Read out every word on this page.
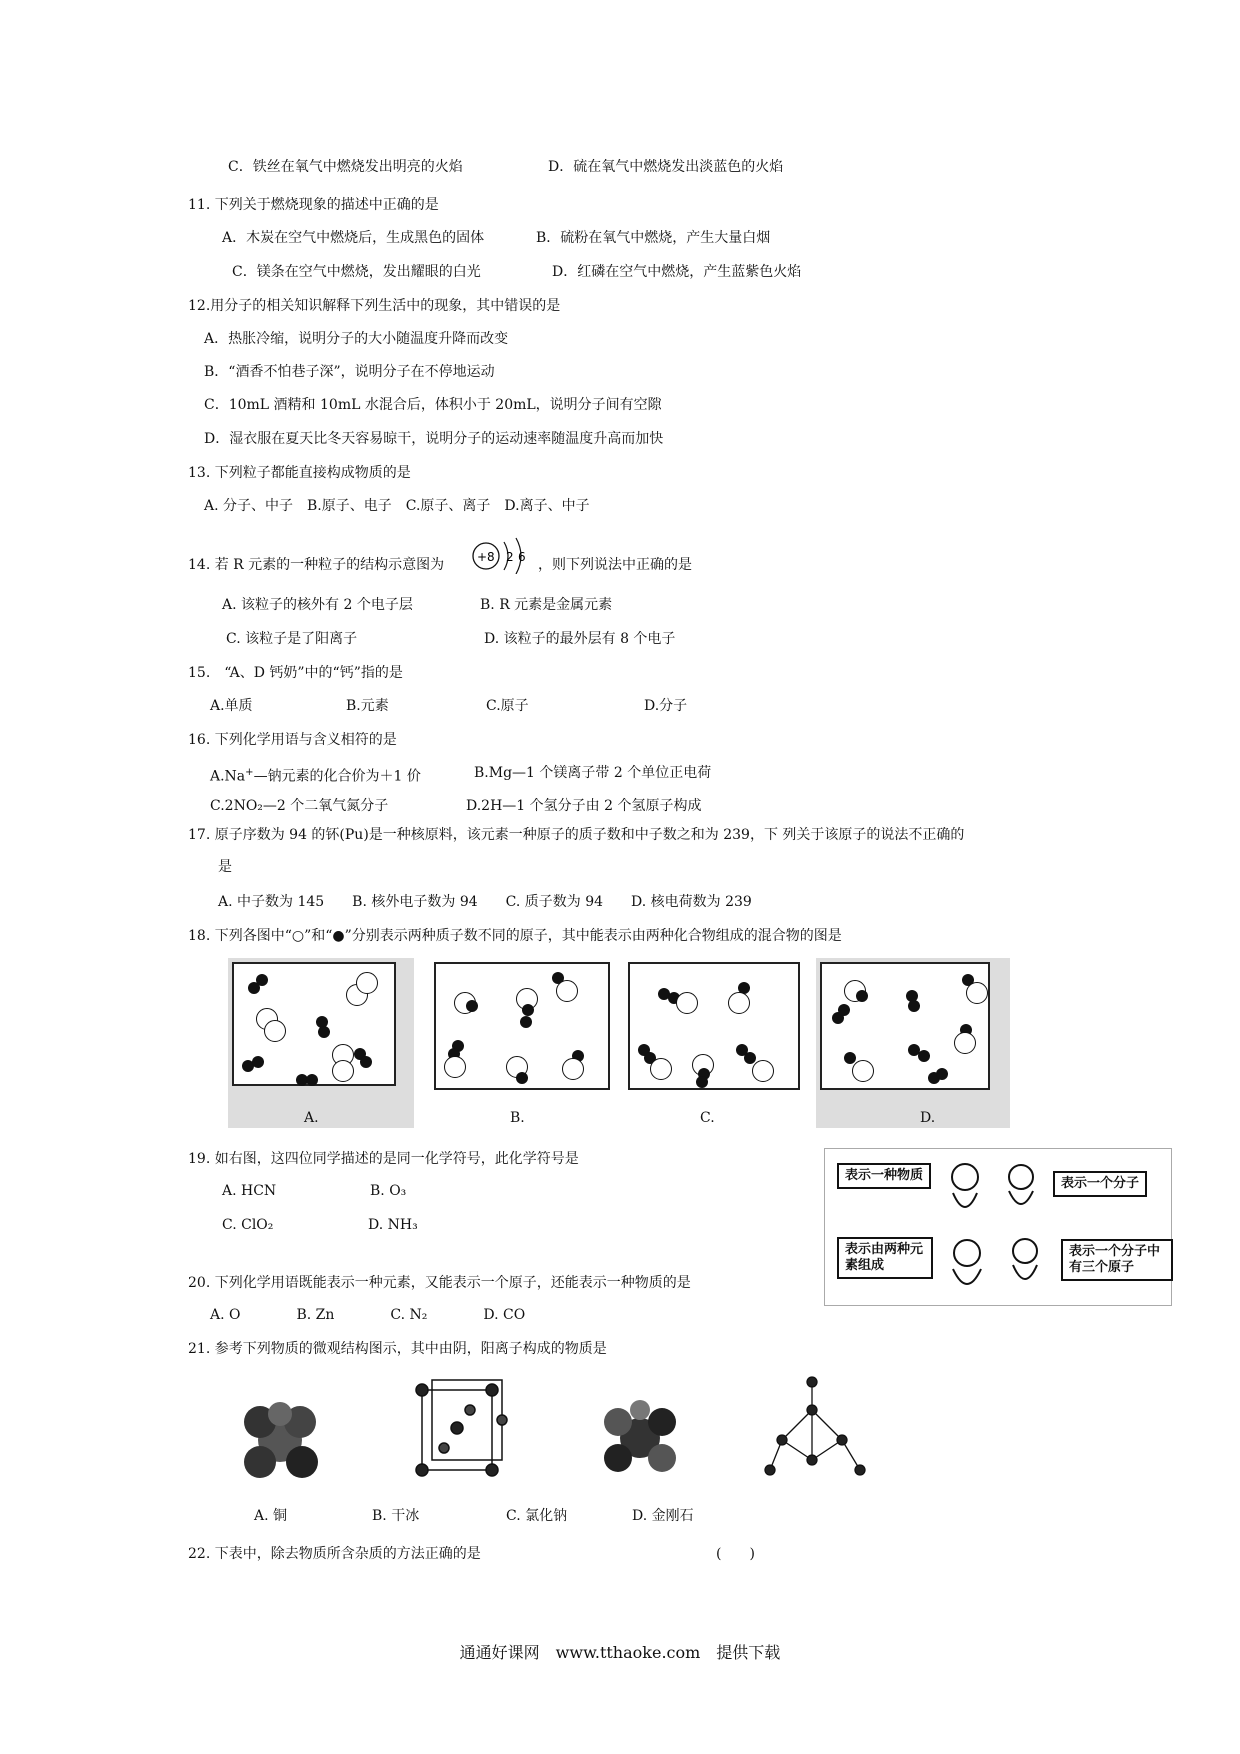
C．铁丝在氧气中燃烧发出明亮的火焰	D．硫在氧气中燃烧发出淡蓝色的火焰
11. 下列关于燃烧现象的描述中正确的是
A．木炭在空气中燃烧后，生成黑色的固体	B．硫粉在氧气中燃烧，产生大量白烟
C．镁条在空气中燃烧，发出耀眼的白光	D．红磷在空气中燃烧，产生蓝紫色火焰
12.用分子的相关知识解释下列生活中的现象，其中错误的是
A．热胀冷缩，说明分子的大小随温度升降而改变
B．“酒香不怕巷子深”，说明分子在不停地运动
C．10mL 酒精和 10mL 水混合后，体积小于 20mL，说明分子间有空隙
D．湿衣服在夏天比冬天容易晾干，说明分子的运动速率随温度升高而加快
13. 下列粒子都能直接构成物质的是
A. 分子、中子　B.原子、电子　C.原子、离子　D.离子、中子
14. 若 R 元素的一种粒子的结构示意图为	+8 2 6 ，则下列说法中正确的是
A. 该粒子的核外有 2 个电子层	B. R 元素是金属元素
C. 该粒子是了阳离子	D. 该粒子的最外层有 8 个电子
15.　“A、D 钙奶”中的“钙”指的是
A.单质	B.元素	C.原子	D.分子
16. 下列化学用语与含义相符的是
A.Na+—钠元素的化合价为＋1 价	B.Mg—1 个镁离子带 2 个单位正电荷
C.2NO₂—2 个二氧气氮分子	D.2H—1 个氢分子由 2 个氢原子构成
17. 原子序数为 94 的钚(Pu)是一种核原料，该元素一种原子的质子数和中子数之和为 239，下 列关于该原子的说法不正确的
是
A. 中子数为 145　　B. 核外电子数为 94　　C. 质子数为 94　　D. 核电荷数为 239
18. 下列各图中“○”和“●”分别表示两种质子数不同的原子，其中能表示由两种化合物组成的混合物的图是
A.	B.	C.	D.
19. 如右图，这四位同学描述的是同一化学符号，此化学符号是
A. HCN	B. O₃
C. ClO₂	D. NH₃
表示一种物质
表示一个分子
表示由两种元素组成
表示一个分子中有三个原子
20. 下列化学用语既能表示一种元素，又能表示一个原子，还能表示一种物质的是
A. O　　　　B. Zn　　　　C. N₂　　　　D. CO
21. 参考下列物质的微观结构图示，其中由阴，阳离子构成的物质是
A. 铜	B. 干冰	C. 氯化钠	D. 金刚石
22. 下表中，除去物质所含杂质的方法正确的是	(　　)
通通好课网　www.tthaoke.com　提供下载
